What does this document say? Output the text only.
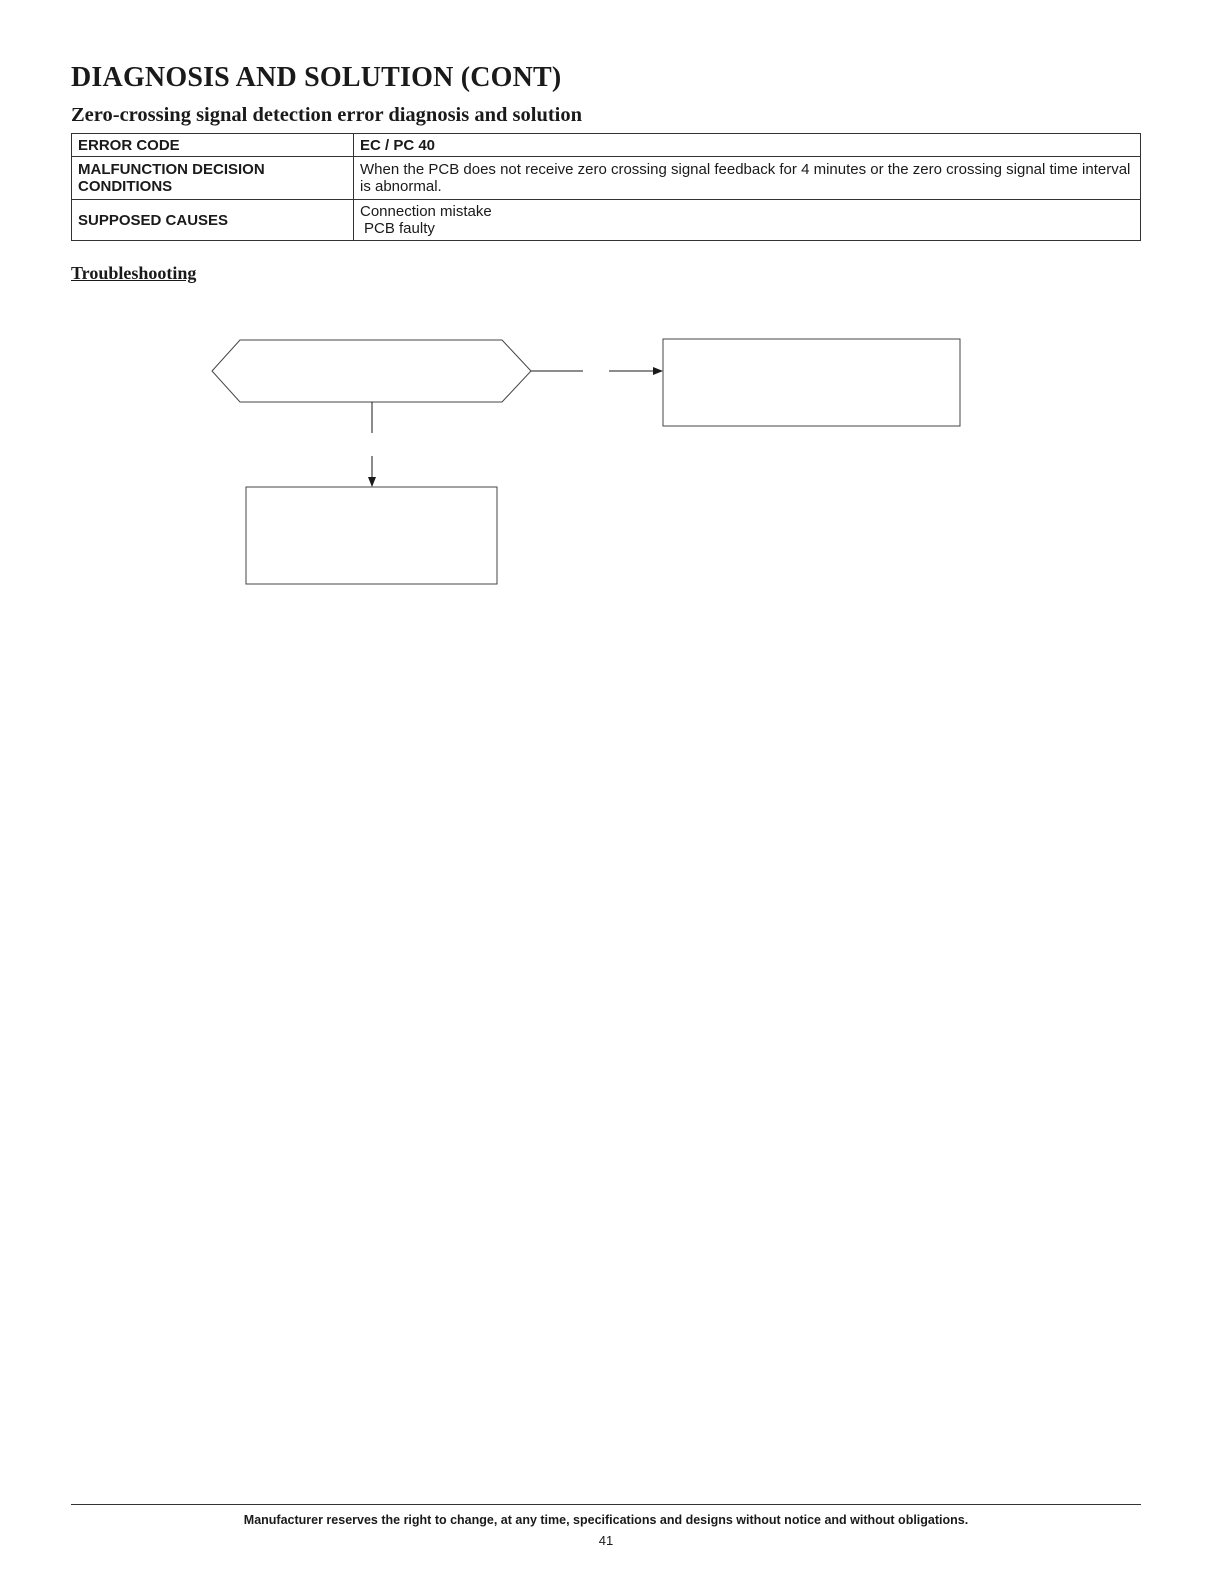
DIAGNOSIS AND SOLUTION (CONT)
Zero-crossing signal detection error diagnosis and solution
ERROR CODE	EC / PC 40
MALFUNCTION DECISION CONDITIONS	When the PCB does not receive zero crossing signal feedback for 4 minutes or the zero crossing signal time interval is abnormal.
SUPPOSED CAUSES	Connection mistake
PCB faulty
Troubleshooting
Manufacturer reserves the right to change, at any time, specifications and designs without notice and without obligations.
41
